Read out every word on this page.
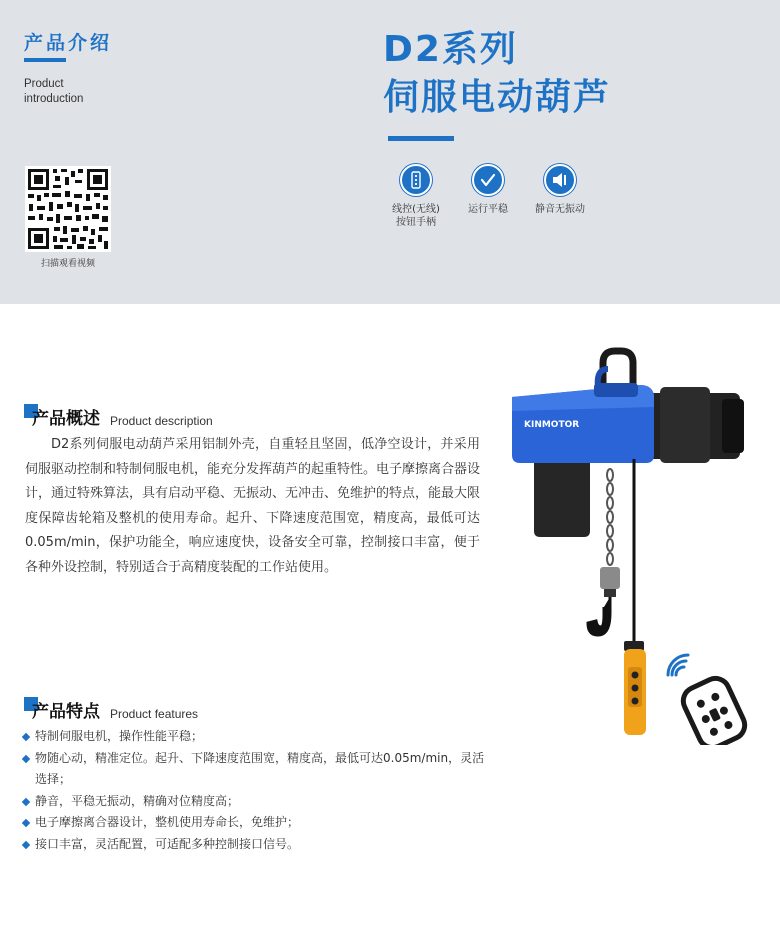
产品介绍
Product
introduction
扫描观看视频
D2系列
伺服电动葫芦
线控(无线)
按钮手柄
运行平稳	静音无振动
产品概述 Product description
D2系列伺服电动葫芦采用铝制外壳，自重轻且坚固，低净空设计，并采用伺服驱动控制和特制伺服电机，能充分发挥葫芦的起重特性。电子摩擦离合器设计，通过特殊算法，具有启动平稳、无振动、无冲击、免维护的特点，能最大限度保障齿轮箱及整机的使用寿命。起升、下降速度范围宽，精度高，最低可达0.05m/min，保护功能全，响应速度快，设备安全可靠，控制接口丰富，便于各种外设控制，特别适合于高精度装配的工作站使用。
产品特点 Product features
特制伺服电机，操作性能平稳；
物随心动，精准定位。起升、下降速度范围宽，精度高，最低可达0.05m/min，灵活选择；
静音，平稳无振动，精确对位精度高；
电子摩擦离合器设计，整机使用寿命长，免维护；
接口丰富，灵活配置，可适配多种控制接口信号。
KINMOTOR
